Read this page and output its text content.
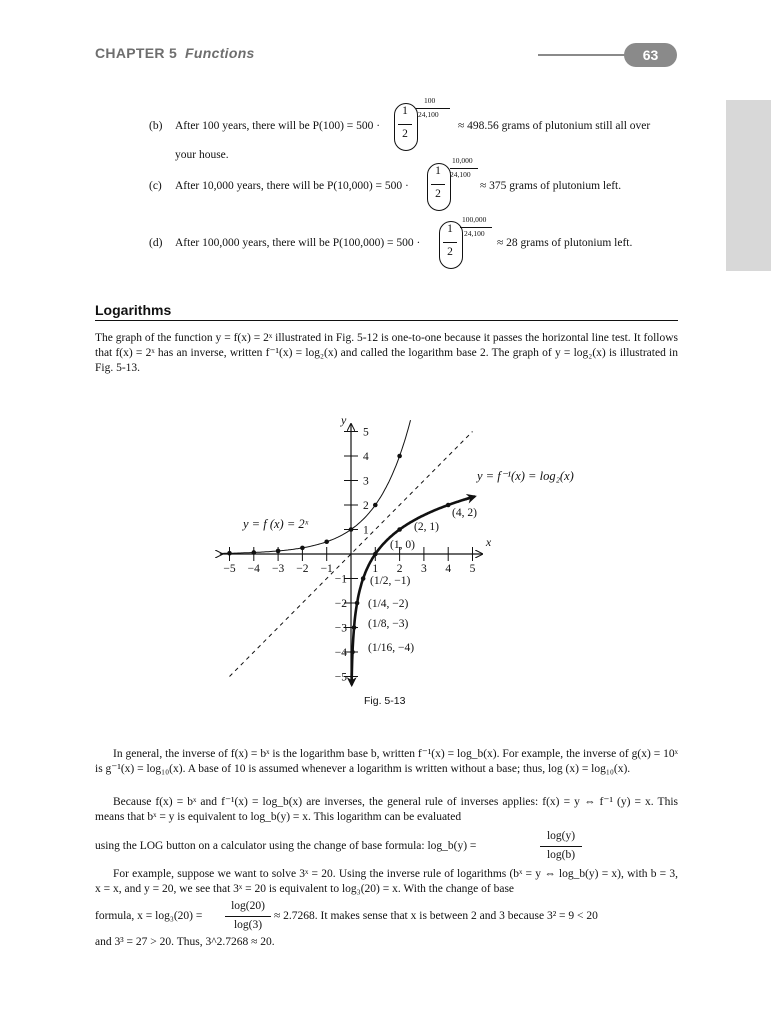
CHAPTER 5 Functions	63
100
24,100
(b) After 100 years, there will be P(100) = 500 ·
1
2
≈ 498.56 grams of plutonium still all over
your house.	10,000
24,100
(c) After 10,000 years, there will be P(10,000) = 500 ·
1
2
≈ 375 grams of plutonium left.
100,000
24,100
(d) After 100,000 years, there will be P(100,000) = 500 ·
1
2
≈ 28 grams of plutonium left.
Logarithms
The graph of the function y = f(x) = 2ˣ illustrated in Fig. 5-12 is one-to-one because it passes the horizontal line test. It follows that f(x) = 2ˣ has an inverse, written f⁻¹(x) = log₂(x) and called the logarithm base 2. The graph of y = log₂(x) is illustrated in Fig. 5-13.
−5 −4 −3 −2 −1	1 2 3 4 5
5
4
3
2
1
−1
−2
−3
−4
−5
y
x
y = f (x) = 2ˣ
y = f⁻¹(x) = log₂(x)
(4, 2)
(2, 1)
(1, 0)
(1/2, −1)
(1/4, −2)
(1/8, −3)
(1/16, −4)
Fig. 5-13
In general, the inverse of f(x) = bˣ is the logarithm base b, written f⁻¹(x) = log_b(x). For example, the inverse of g(x) = 10ˣ is g⁻¹(x) = log₁₀(x). A base of 10 is assumed whenever a logarithm is written without a base; thus, log (x) = log₁₀(x).
Because f(x) = bˣ and f⁻¹(x) = log_b(x) are inverses, the general rule of inverses applies: f(x) = y ⇔ f⁻¹ (y) = x. This means that bˣ = y is equivalent to log_b(y) = x. This logarithm can be evaluated
using the LOG button on a calculator using the change of base formula: log_b(y) =
log(y)
log(b)
For example, suppose we want to solve 3ˣ = 20. Using the inverse rule of logarithms (bˣ = y ⇔ log_b(y) = x), with b = 3, x = x, and y = 20, we see that 3ˣ = 20 is equivalent to log₃(20) = x. With the change of base
formula, x = log₃(20) =
log(20)
log(3)
≈ 2.7268. It makes sense that x is between 2 and 3 because 3² = 9 < 20
and 3³ = 27 > 20. Thus, 3^2.7268 ≈ 20.
